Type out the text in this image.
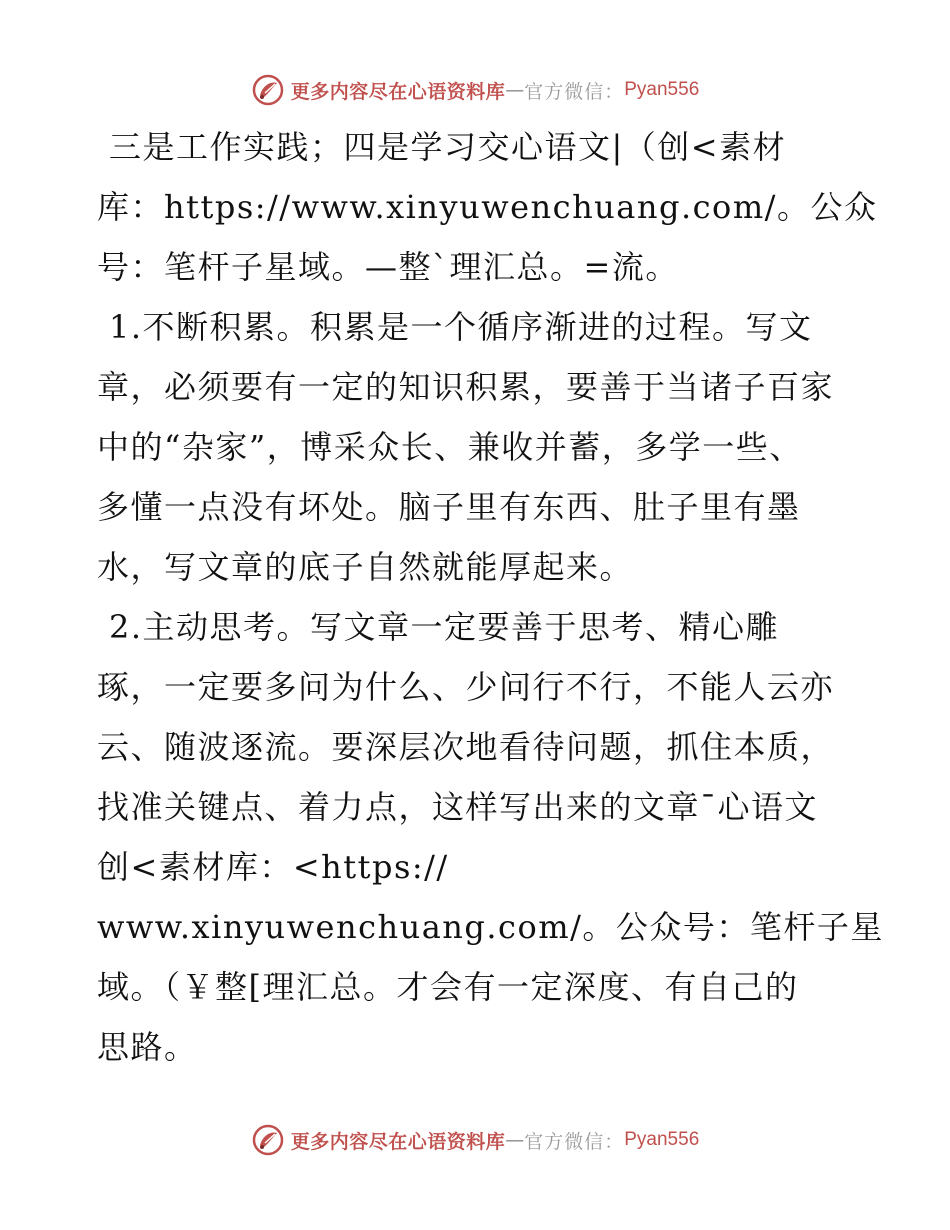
更多内容尽在心语资料库 — 官方微信： Pyan556

三是工作实践；四是学习交心语文|（创<素材
库：https://www.xinyuwenchuang.com/。公众
号：笔杆子星域。—整`理汇总。=流。

1.不断积累。积累是一个循序渐进的过程。写文
章，必须要有一定的知识积累，要善于当诸子百家
中的“杂家”，博采众长、兼收并蓄，多学一些、
多懂一点没有坏处。脑子里有东西、肚子里有墨
水，写文章的底子自然就能厚起来。

2.主动思考。写文章一定要善于思考、精心雕
琢，一定要多问为什么、少问行不行，不能人云亦
云、随波逐流。要深层次地看待问题，抓住本质，
找准关键点、着力点，这样写出来的文章¯心语文
创<素材库：<https://
www.xinyuwenchuang.com/。公众号：笔杆子星
域。（￥整[理汇总。才会有一定深度、有自己的
思路。

更多内容尽在心语资料库 — 官方微信： Pyan556
